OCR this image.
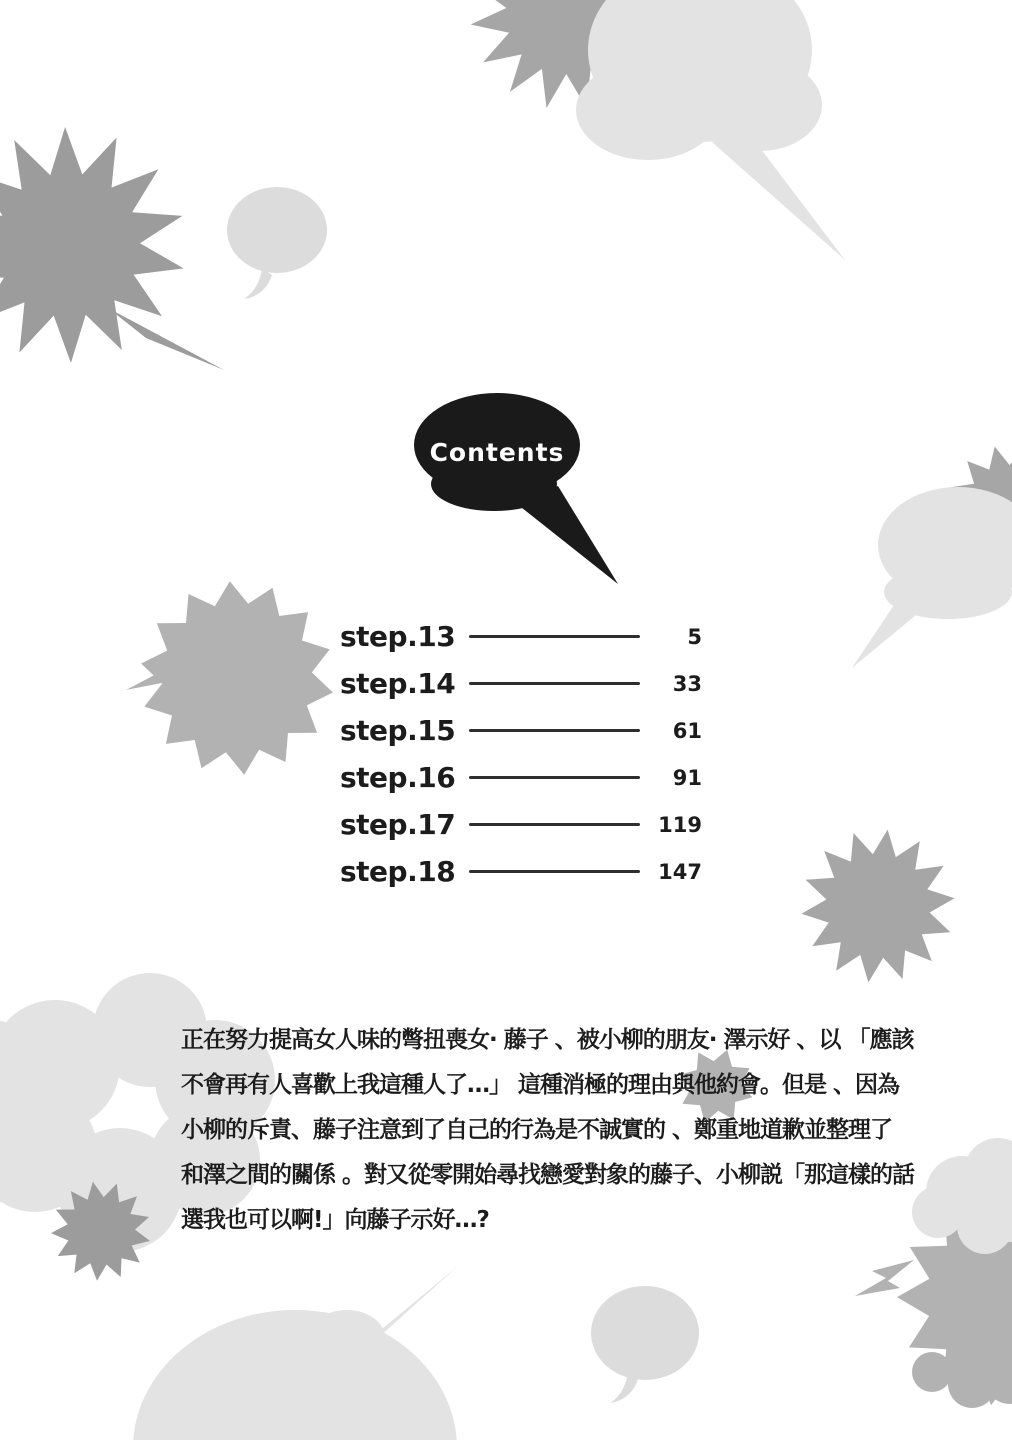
Contents
step.13	5
step.14	33
step.15	61
step.16	91
step.17	119
step.18	147
正在努力提高女人味的彆扭喪女· 藤子 、被小柳的朋友· 澤示好 、以 「應該
不會再有人喜歡上我這種人了…」 這種消極的理由與他約會。但是 、因為
小柳的斥責、藤子注意到了自己的行為是不誠實的 、鄭重地道歉並整理了
和澤之間的關係 。對又從零開始尋找戀愛對象的藤子、小柳説「那這樣的話
選我也可以啊!」向藤子示好…?
